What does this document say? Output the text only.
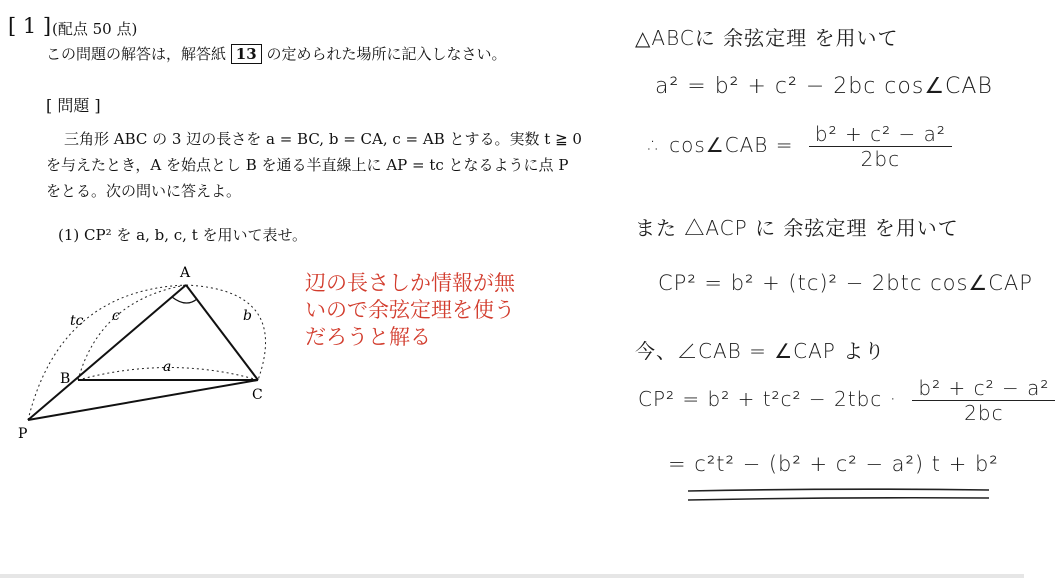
[ 1 ] (配点 50 点)
この問題の解答は，解答紙 13 の定められた場所に記入しなさい。
[ 問題 ]
三角形 ABC の 3 辺の長さを a = BC, b = CA, c = AB とする。実数 t ≧ 0
を与えたとき，A を始点とし B を通る半直線上に AP = tc となるように点 P
をとる。次の問いに答えよ。
(1) CP² を a, b, c, t を用いて表せ。
A
B
C
P
tc c	b
a
辺の長さしか情報が無
いので余弦定理を使う
だろうと解る
△ABCに 余弦定理 を用いて
a² = b² + c² − 2bc cos∠CAB
∴ cos∠CAB = $\frac{\text{b² + c² − a²}}{2bc}$
また △ACP に 余弦定理 を用いて
CP² = b² + (tc)² − 2btc cos∠CAP
今、∠CAB = ∠CAP より
$CP^2 = b^2 + t^2c^2 - 2tbc \cdot \frac{\text{b² + c² − a²}}{2bc}$
= c²t² − (b² + c² − a²) t + b²
